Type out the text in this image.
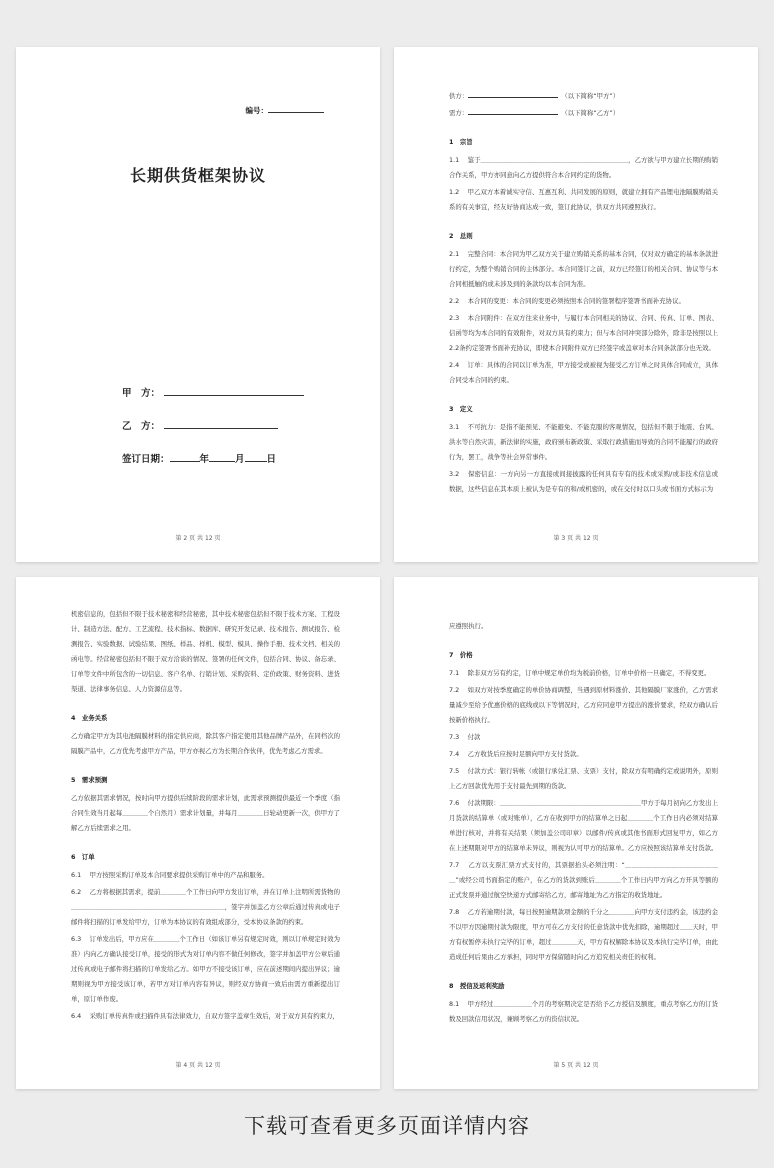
编号：
长期供货框架协议
甲　方：
乙　方：
签订日期：	年	月 日
第 2 页 共 12 页

供方：　	（以下简称“甲方”）

需方：　	（以下简称“乙方”）

1　宗旨

1.1　 鉴于＿＿＿＿＿＿＿＿＿＿＿＿＿＿＿＿＿＿＿＿＿＿＿，乙方欲与甲方建立长期的购销合作关系，甲方亦同意向乙方提供符合本合同约定的货物。

1.2　 甲乙双方本着诚实守信、互惠互利、共同发展的原则，就建立拥有产品锂电池隔膜购销关系的有关事宜，经友好协商达成一致，签订此协议，供双方共同遵照执行。

2　总则

2.1　 完整合同：本合同为甲乙双方关于建立购销关系的基本合同，仅对双方确定的基本条款进行约定，为整个购销合同的主体部分。本合同签订之前，双方已经签订的相关合同、协议等与本合同相抵触的或未涉及到的条款均以本合同为准。

2.2　 本合同的变更：本合同的变更必须按照本合同的签署程序签署书面补充协议。

2.3　 本合同附件：在双方往来业务中，与履行本合同相关的协议、合同、传真、订单、图表、信函等均为本合同的有效附件，对双方具有约束力；但与本合同冲突部分除外，除非是按照以上2.2条约定签署书面补充协议，即使本合同附件双方已经签字或盖章对本合同条款部分也无效。

2.4　 订单：具体的合同以订单为准，甲方接受或被视为接受乙方订单之时具体合同成立，具体合同受本合同的约束。

3　定义

3.1　 不可抗力：是指不能预见、不能避免、不能克服的客观情况，包括但不限于地震、台风、洪水等自然灾害，新法律的实施，政府颁布新政策、采取行政措施而导致的合同不能履行的政府行为，罢工，战争等社会异常事件。

3.2　 保密信息：一方向另一方直接或间接披露的任何具有专有的技术或采购/或非技术信息或数据，这些信息在其本质上被认为是专有的和/或机密的，或在交付时以口头或书面方式标示为

第 3 页 共 12 页

机密信息的，包括但不限于技术秘密和经营秘密，其中技术秘密包括但不限于技术方案、工程设计、制造方法、配方、工艺流程、技术指标、数据库、研究开发记录、技术报告、测试报告、检测报告、实验数据、试验结果、图纸、样品、样机、模型、模具、操作手册、技术文档、相关的函电等。经营秘密包括但不限于双方洽谈的情况、签署的任何文件，包括合同、协议、备忘录、订单等文件中所包含的一切信息、客户名单、行销计划、采购资料、定价政策、财务资料、进货渠道、法律事务信息、人力资源信息等。

4　业务关系

乙方确定甲方为其电池隔膜材料的指定供应商，除其客户指定使用其他品牌产品外，在同档次的隔膜产品中，乙方优先考虑甲方产品，甲方亦视乙方为长期合作伙伴，优先考虑乙方需求。

5　需求预测

乙方依据其需求情况，按时向甲方提供后续阶段的需求计划，此需求预测提供最近一个季度（指合同生效当月起每＿＿＿＿个自然月）需求计划量，并每月＿＿＿＿日轮动更新一次，供甲方了解乙方后续需求之用。

6　订单

6.1　 甲方按照采购订单及本合同要求提供采购订单中的产品和服务。

6.2　 乙方将根据其需求，提前＿＿＿＿个工作日向甲方发出订单，并在订单上注明所需货物的＿＿＿＿＿＿＿＿＿＿＿＿＿＿＿＿＿＿＿＿＿＿＿＿，签字并加盖乙方公章后通过传真或电子邮件将扫描的订单发给甲方，订单为本协议的有效组成部分，受本协议条款的约束。

6.3　 订单发出后，甲方应在＿＿＿＿个工作日（如该订单另有规定时效，则以订单规定时效为准）内向乙方确认接受订单，接受的形式为对订单内容不做任何修改，签字并加盖甲方公章后通过传真或电子邮件将扫描的订单发给乙方。如甲方不接受该订单，应在前述期间内提出异议；逾期则视为甲方接受该订单，若甲方对订单内容有异议，则经双方协商一致后由需方重新提出订单，原订单作废。

6.4　 采购订单传真件或扫描件具有法律效力，自双方签字盖章生效后，对于双方具有约束力，

第 4 页 共 12 页

应遵照执行。

7　价格

7.1　 除非双方另有约定，订单中规定单价均为税前价格，订单中价格一旦确定，不得变更。

7.2　 如双方对按季度确定的单价协商调整，当遇到原材料涨价、其他隔膜厂家涨价，乙方需求量减少至给予优惠价格的底线或以下等情况时，乙方应同意甲方提出的涨价要求，经双方确认后按新价格执行。

7.3　 付款

7.4　 乙方收货后应按时足额向甲方支付货款。

7.5　 付款方式：银行转帐（或银行承兑汇票、支票）支付，除双方有明确约定或说明外，原则上乙方回款优先用于支付最先到期的货款。

7.6　 付款期限：＿＿＿＿＿＿＿＿＿＿＿＿＿＿＿＿＿＿＿＿＿＿甲方于每月初向乙方发出上月货款的结算单（或对账单），乙方在收到甲方的结算单之日起＿＿＿＿个工作日内必须对结算单进行核对，并将有关结果（须加盖公司印章）以邮件/传真或其他书面形式回复甲方，如乙方在上述期限对甲方的结算单未异议，则视为认可甲方的结算单。乙方应按照该结算单支付货款。

7.7　 乙方以支票汇票方式支付的，其票据抬头必须注明：“＿＿＿＿＿＿＿＿＿＿＿＿＿＿＿”或经公司书面指定的账户，在乙方的货款到账后＿＿＿＿个工作日内甲方向乙方开具等额的正式发票并通过航空快递方式邮寄给乙方，邮寄地址为乙方指定的收货地址。

7.8　 乙方若逾期付款，每日按照逾期款项金额的千分之＿＿＿＿向甲方支付违约金，该违约金不以甲方因逾期付款为限度，甲方可在乙方支付的任意货款中优先扣除，逾期超过＿＿天时，甲方有权暂停未执行完毕的订单，超过＿＿＿＿天，甲方有权解除本协议及本执行完毕订单，由此造成任何后果由乙方承担，同时甲方保留随时向乙方追究相关责任的权利。

8　授信及返利奖励

8.1　 甲方经过＿＿＿＿＿＿个月的考察期决定是否给予乙方授信及额度，重点考察乙方的订货数及回款信用状况，兼顾考察乙方的资信状况。

第 5 页 共 12 页
下载可查看更多页面详情内容
